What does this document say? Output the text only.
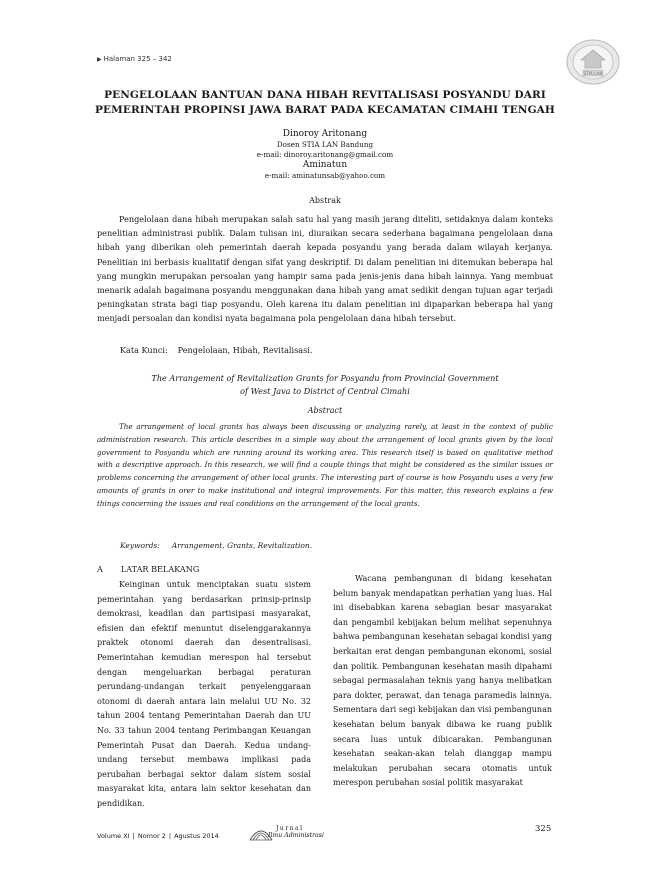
▶ Halaman 325 – 342
STIA LAN
PENGELOLAAN BANTUAN DANA HIBAH REVITALISASI POSYANDU DARI
PEMERINTAH PROPINSI JAWA BARAT PADA KECAMATAN CIMAHI TENGAH
Dinoroy Aritonang
Dosen STIA LAN Bandung
e-mail: dinoroy.aritonang@gmail.com
Aminatun
e-mail: aminatunsab@yahoo.com
Abstrak
Pengelolaan dana hibah merupakan salah satu hal yang masih jarang diteliti, setidaknya dalam konteks penelitian administrasi publik. Dalam tulisan ini, diuraikan secara sederhana bagaimana pengelolaan dana hibah yang diberikan oleh pemerintah daerah kepada posyandu yang berada dalam wilayah kerjanya. Penelitian ini berbasis kualitatif dengan sifat yang deskriptif. Di dalam penelitian ini ditemukan beberapa hal yang mungkin merupakan persoalan yang hampir sama pada jenis-jenis dana hibah lainnya. Yang membuat menarik adalah bagaimana posyandu menggunakan dana hibah yang amat sedikit dengan tujuan agar terjadi peningkatan strata bagi tiap posyandu. Oleh karena itu dalam penelitian ini dipaparkan beberapa hal yang menjadi persoalan dan kondisi nyata bagaimana pola pengelolaan dana hibah tersebut.
Kata Kunci: Pengelolaan, Hibah, Revitalisasi.
The Arrangement of Revitalization Grants for Posyandu from Provincial Government
of West Java to District of Central Cimahi
Abstract
The arrangement of local grants has always been discussing or analyzing rarely, at least in the context of public administration research. This article describes in a simple way about the arrangement of local grants given by the local government to Posyandu which are running around its working area. This research itself is based on qualitative method with a descriptive approach. In this research, we will find a couple things that might be considered as the similar issues or problems concerning the arrangement of other local grants. The interesting part of course is how Posyandu uses a very few amounts of grants in orer to make institutional and integral improvements. For this matter, this research explains a few things concerning the issues and real conditions on the arrangement of the local grants.
Keywords: Arrangement, Grants, Revitalization.
A LATAR BELAKANG
Keinginan untuk menciptakan suatu sistem pemerintahan yang berdasarkan prinsip-prinsip demokrasi, keadilan dan partisipasi masyarakat, efisien dan efektif menuntut diselenggarakannya praktek otonomi daerah dan desentralisasi. Pemerintahan kemudian merespon hal tersebut dengan mengeluarkan berbagai peraturan perundang-undangan terkait penyelenggaraan otonomi di daerah antara lain melalui UU No. 32 tahun 2004 tentang Pemerintahan Daerah dan UU No. 33 tahun 2004 tentang Perimbangan Keuangan Pemerintah Pusat dan Daerah. Kedua undang-undang tersebut membawa implikasi pada perubahan berbagai sektor dalam sistem sosial masyarakat kita, antara lain sektor kesehatan dan pendidikan.
Wacana pembangunan di bidang kesehatan belum banyak mendapatkan perhatian yang luas. Hal ini disebabkan karena sebagian besar masyarakat dan pengambil kebijakan belum melihat sepenuhnya bahwa pembangunan kesehatan sebagai kondisi yang berkaitan erat dengan pembangunan ekonomi, sosial dan politik. Pembangunan kesehatan masih dipahami sebagai permasalahan teknis yang hanya melibatkan para dokter, perawat, dan tenaga paramedis lainnya. Sementara dari segi kebijakan dan visi pembangunan kesehatan belum banyak dibawa ke ruang publik secara luas untuk dibicarakan. Pembangunan kesehatan seakan-akan telah dianggap mampu melakukan perubahan secara otomatis untuk merespon perubahan sosial politik masyarakat
Volume XI | Nomor 2 | Agustus 2014
Jurnal
Ilmu Administrasi
325
